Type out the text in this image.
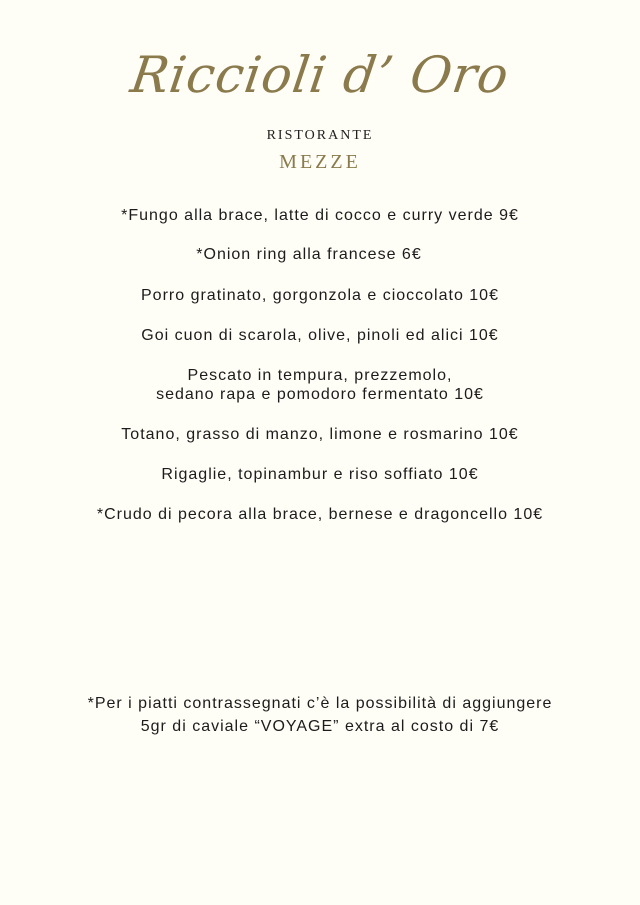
Riccioli d’ Oro
RISTORANTE
MEZZE
*Fungo alla brace, latte di cocco e curry verde 9€
*Onion ring alla francese 6€
Porro gratinato, gorgonzola e cioccolato 10€
Goi cuon di scarola, olive, pinoli ed alici 10€
Pescato in tempura, prezzemolo,
sedano rapa e pomodoro fermentato 10€
Totano, grasso di manzo, limone e rosmarino 10€
Rigaglie, topinambur e riso soffiato 10€
*Crudo di pecora alla brace, bernese e dragoncello 10€
*Per i piatti contrassegnati c’è la possibilità di aggiungere
5gr di caviale “VOYAGE” extra al costo di 7€
